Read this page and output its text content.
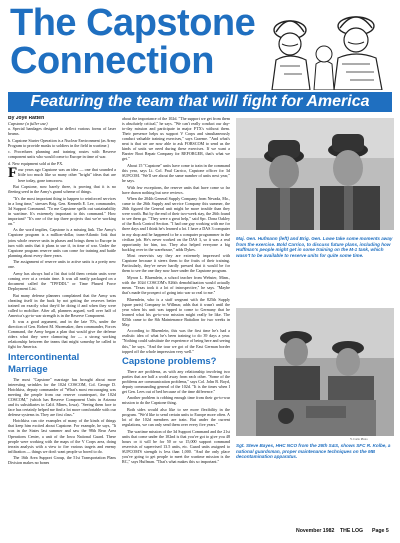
The Capstone
Connection
Featuring the team that will fight for America
By Joye Ratten
Capstone (a fuller use)

a. Special bandages designed to deflect various forms of laser beams.

b. Capstone Starter Operation is a Nuclear Environment (as Army Program to provide masks to soldiers in the field in wartime.)

c. Procedures planning and training routes with Reserve component units who would come to Europe in time of war.

d. New equipment sold at the PX.

Four years ago Capstone was an idea — one that sounded a little too much like so many other "bright" ideas that are here today, gone tomorrow.

But Capstone, now barely three, is proving that it is no fleeting seed in the Army's grand scheme of things.

"It's the most important thing to happen to reinforced services in a long time," stresses Brig. Gen. Kenneth E. Lee, commander, 3d Support Command. "To me Capstone spells out sustainability in wartime. It's extremely important to this command." How important? "It's one of the top three projects that we're working on."

As the word implies, Capstone is a missing link. The Army's Capstone program is a million-dollar, trans-Atlantic link that joins whole reserve units in phases and brings them to Europe in turn with units that it plans to use if, in time of war. Under the Capstone program reserve units can come for training and battle planning about every three years.

The assignment of reserve units to active units is a pretty new one.

Army has always had a list that told them certain units were coming over at a certain time. It was all neatly packaged on a document called the "TPFDDL" or Time Phased Force Deployment List.

But many defense planners complained that the Army was cheating itself in the back by not getting the reserves better trained on exactly what they'd be doing if and when they were called to mobilize. After all, planners argued, well over half of America's go-to-war strength is in the Reserve Component.

It was a good argument, and in the late 70's, under the direction of Gen. Robert M. Shoemaker, then commander, Forces Command, the Army began a plan that would give the defense riders what they were clamoring for — a strong working relationship between the teams that might someday be called to fight for America.

Intercontinental Marriage

The most "Capstone" marriage has brought about more interesting wrinkles for the 102d COSCOM, Col. George D. Hotchkiss, deputy commander of "What's most encouraging was meeting the people from our reserve counterpart, the 102d COSCOM," (which has Reserve Component Units in Arizona and its subsidiaries in Calif. Mines, Iowa). "Seeing them face to face has certainly helped me find a lot more comfortable with our defense systems in. They are first class."

Hotchkiss can cite examples of many of the kinds of things that keep him excited about Capstone. For example, he says, "It was in the States last summer and saw the 98th Rear Area Operations Center, a unit of the Iowa National Guard. These people were working with the maps of the V Corps area, doing terrain analysis with a view to fire various targets and enemy infiltration — things we don't want people so bored to do.

The 16th Area Support Group, the 51st Transportation Plans Division makes no bones

about the importance of the 102d. "The support we get from them is absolutely critical," he says. "We can't really conduct our day-to-day mission and participate in major FTX's without them. Their presence helps us support V Corps and simultaneously conduct valuable training exercises," says Graeme. "And what's neat is that we are now able to ask FORSCOM to send us the kinds of units we need during these exercises. If we want a Barrier Boot Repair Company for REFORGER, that's what we get."

About 15 "Capstone" units have come to train in the command this year, says Lt. Col. Paul Carrico, Capstone officer for 3d SUPCOM. "We'll see about the same number of units next year," he says.

With few exceptions, the reserve units that have come so far have drawn nothing but rave reviews.

When the 204th General Supply Company from Nevada, Mo., came to the 26th Supply and service Company this summer, the 26th figured the General unit might be more trouble than they were worth. But by the end of their two-week stay, the 26th found to see them go. "They were a great help," said Spc. Dona Oakley of the Rock Control Section. "I had one guy working with me for three days and I think he's learned a lot. I have a DAS 3 computer in my shop and he happened to be a computer programmer in the civilian job. He's never worked on the DAS 3, so it was a real opportunity for him, too. They also helped everyone a big backlog over in the warehouse," adds Dykes.

Most reservists say they are extremely impressed with Capstone because it steers them to the fruits of their training. Particularly, they've never hardly pressed that it would be for them to see the one they now have under the Capstone program.

Myron L. Bluemlein, a school teacher from Webster, Minn., with the 102d COSCOM's 826th demobilization would actually mean. "Texas took it a lot of introspective," he says. "Maybe that's made the prospect of going into war so real to me."

Bluemlein, who is a staff sergeant with the 825th Supply (spare parts) Company in Willmar, adds that it wasn't until the year when his unit was tapped to come to Germany that he learned what his go-to-war mission might really be like. The 825th came to the 8th Maintenance Battalion for two weeks in May.

According to Bluemlein, this was the first time he's had a realistic idea of what he's been training to do 39 days a year. "Nothing could substitute the experience of being here and seeing this," he says. "And the tour we got of the East German border topped off the whole impression very well."

Capstone problems?

There are problems, as with any relationship involving two parties that are half a world away from each other. "Some of the problems are communication problems," says Col. John B. Boyd, deputy commanding general of the 102d. "It is the times when I get Gen. Lees out of bed because of the time difference."

Another problem is robbing enough time from their go-to-war mission to do the Capstone thing.

Both sides would also like to see more flexibility in the program. "We'd like to send certain units to Europe more often. A lot of the 102d members are train. But under the current regulations, we can only send them over every five years."

The wartime mission of the 3d Support Command and the 21st units that come under the 102nd is that you've got to give you 48 hours or it will be for 50 or so 15,000 support command reservists of supervised 13.5 units, etc. Guard units assigned to SUPCOM'S strength is less than 1,000. "And the only place you've going to get people to meet the wartime mission is the RC," says Huffman. "That's what makes this so important."

Maj. Gen. Hufmann (left) and Brig. Gen. Lowe take some moments away from the exercise. Bold Carrico, to discuss future plans, including how Huffman's people might get in some training on the M-1 tank, which wasn't to be available to reserve units for quite some time.
Y. Carlo Photo
Sgt. Steve Bayes, HHC NCO from the 26th S&S, shows SFC R. Kolbe, a national guardsman, proper maintenance techniques on the MB decontamination apparatus.
November 1982 THE LOG Page 5
